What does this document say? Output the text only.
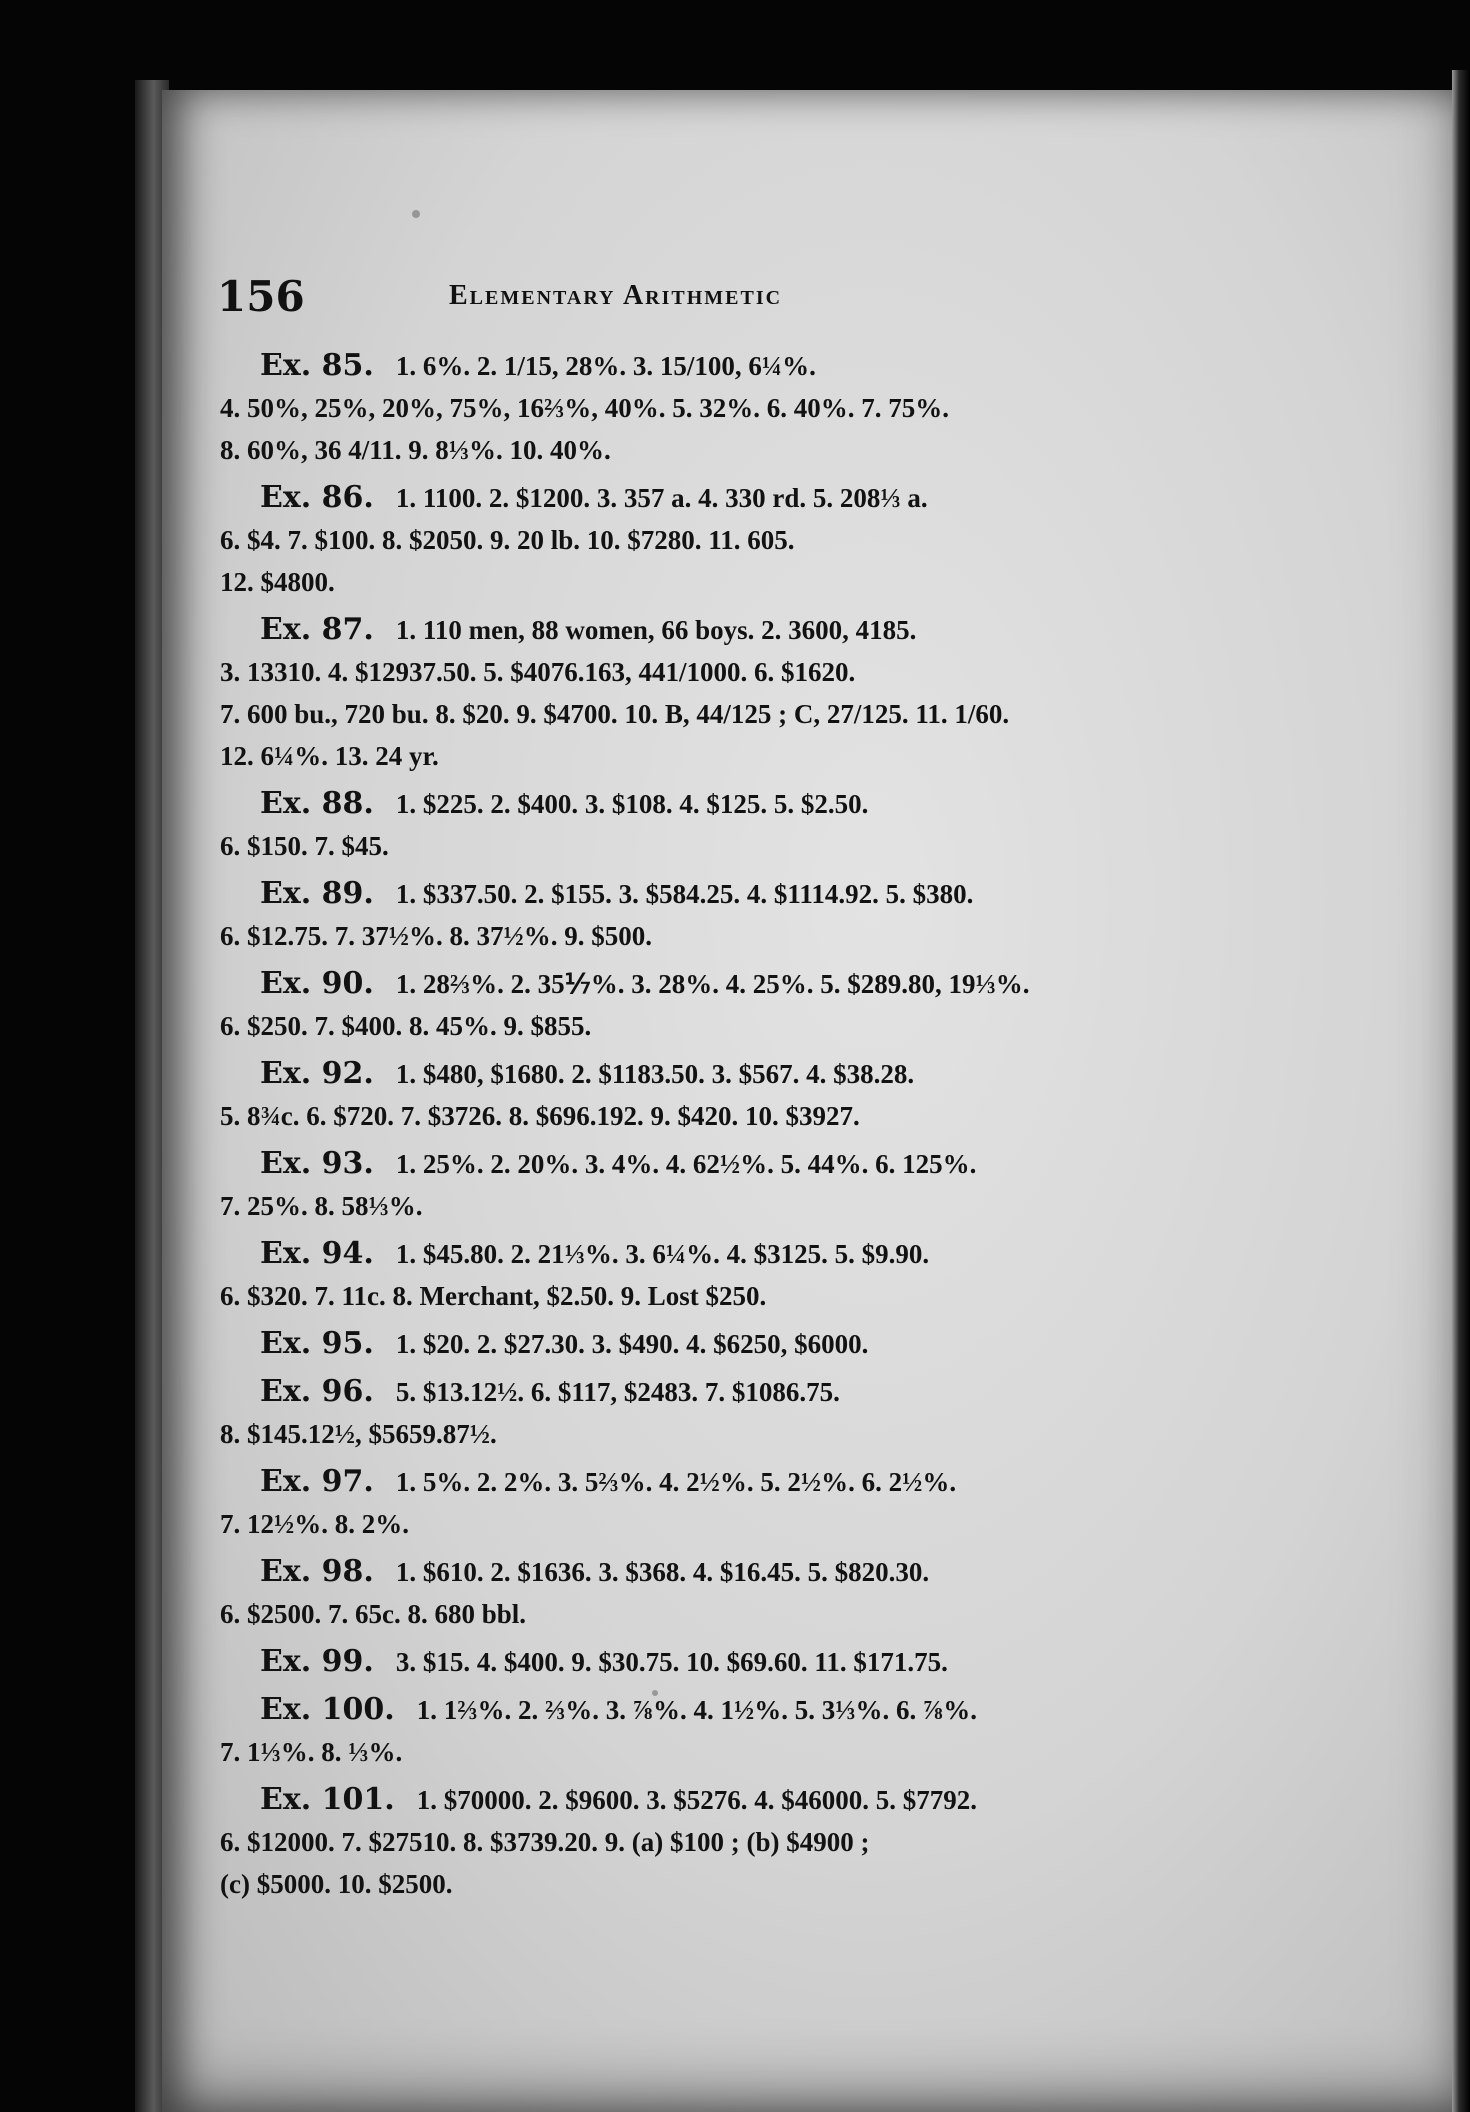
156	Elementary Arithmetic
Ex. 85. 1. 6%. 2. 1/15, 28%. 3. 15/100, 6¼%.
4. 50%, 25%, 20%, 75%, 16⅔%, 40%. 5. 32%. 6. 40%. 7. 75%.
8. 60%, 36 4/11. 9. 8⅓%. 10. 40%.
Ex. 86. 1. 1100. 2. $1200. 3. 357 a. 4. 330 rd. 5. 208⅓ a.
6. $4. 7. $100. 8. $2050. 9. 20 lb. 10. $7280. 11. 605.
12. $4800.
Ex. 87. 1. 110 men, 88 women, 66 boys. 2. 3600, 4185.
3. 13310. 4. $12937.50. 5. $4076.163, 441/1000. 6. $1620.
7. 600 bu., 720 bu. 8. $20. 9. $4700. 10. B, 44/125 ; C, 27/125. 11. 1/60.
12. 6¼%. 13. 24 yr.
Ex. 88. 1. $225. 2. $400. 3. $108. 4. $125. 5. $2.50.
6. $150. 7. $45.
Ex. 89. 1. $337.50. 2. $155. 3. $584.25. 4. $1114.92. 5. $380.
6. $12.75. 7. 37½%. 8. 37½%. 9. $500.
Ex. 90. 1. 28⅔%. 2. 35⅐%. 3. 28%. 4. 25%. 5. $289.80, 19⅓%.
6. $250. 7. $400. 8. 45%. 9. $855.
Ex. 92. 1. $480, $1680. 2. $1183.50. 3. $567. 4. $38.28.
5. 8¾c. 6. $720. 7. $3726. 8. $696.192. 9. $420. 10. $3927.
Ex. 93. 1. 25%. 2. 20%. 3. 4%. 4. 62½%. 5. 44%. 6. 125%.
7. 25%. 8. 58⅓%.
Ex. 94. 1. $45.80. 2. 21⅓%. 3. 6¼%. 4. $3125. 5. $9.90.
6. $320. 7. 11c. 8. Merchant, $2.50. 9. Lost $250.
Ex. 95. 1. $20. 2. $27.30. 3. $490. 4. $6250, $6000.
Ex. 96. 5. $13.12½. 6. $117, $2483. 7. $1086.75.
8. $145.12½, $5659.87½.
Ex. 97. 1. 5%. 2. 2%. 3. 5⅔%. 4. 2½%. 5. 2½%. 6. 2½%.
7. 12½%. 8. 2%.
Ex. 98. 1. $610. 2. $1636. 3. $368. 4. $16.45. 5. $820.30.
6. $2500. 7. 65c. 8. 680 bbl.
Ex. 99. 3. $15. 4. $400. 9. $30.75. 10. $69.60. 11. $171.75.
Ex. 100. 1. 1⅔%. 2. ⅔%. 3. ⅞%. 4. 1½%. 5. 3⅓%. 6. ⅞%.
7. 1⅓%. 8. ⅓%.
Ex. 101. 1. $70000. 2. $9600. 3. $5276. 4. $46000. 5. $7792.
6. $12000. 7. $27510. 8. $3739.20. 9. (a) $100 ; (b) $4900 ;
(c) $5000. 10. $2500.
